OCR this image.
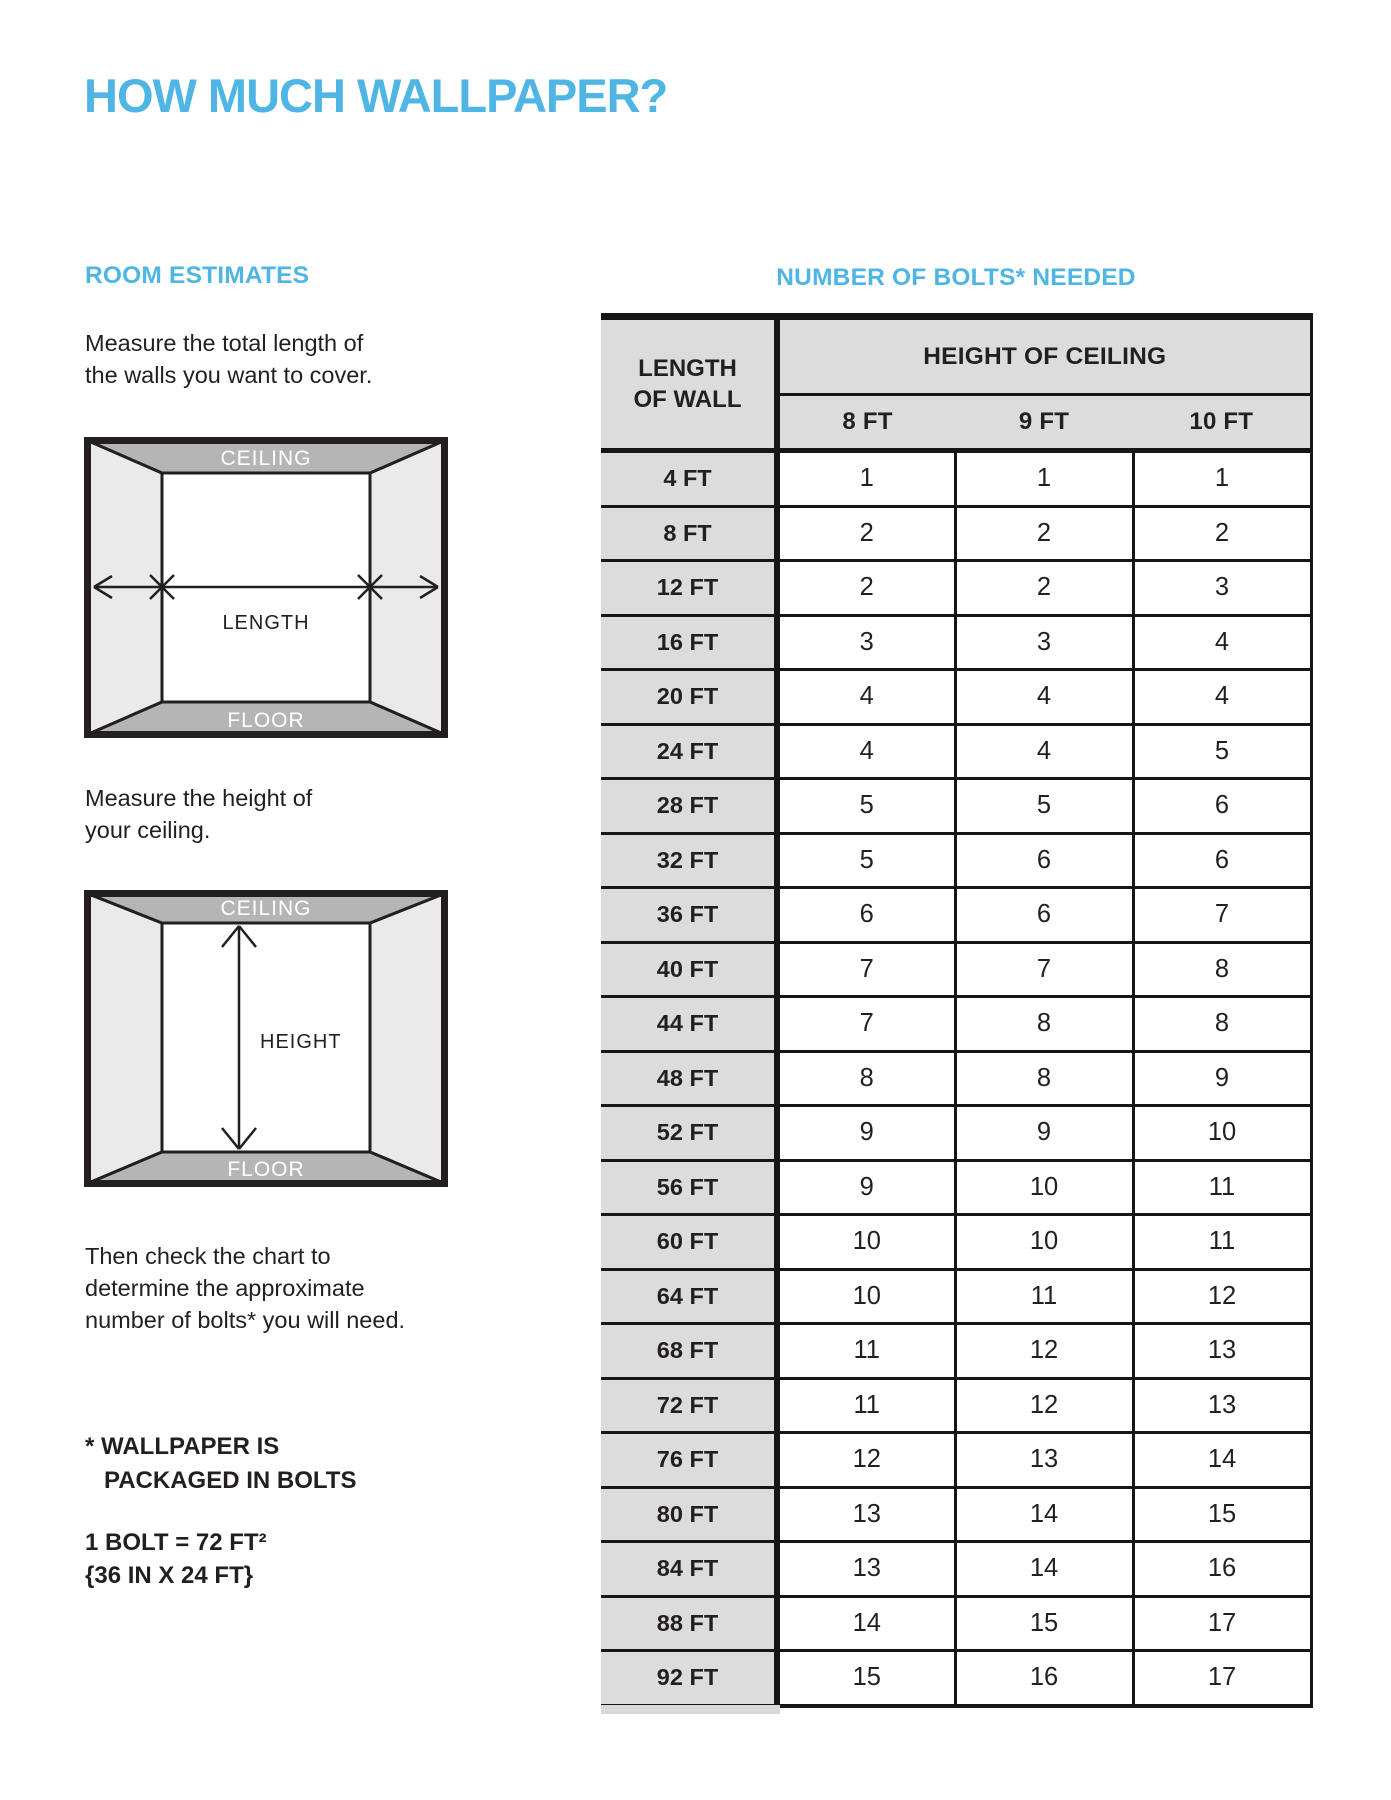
HOW MUCH WALLPAPER?
ROOM ESTIMATES
Measure the total length of
the walls you want to cover.
CEILING
FLOOR
LENGTH
Measure the height of
your ceiling.
CEILING
FLOOR
HEIGHT
Then check the chart to
determine the approximate
number of bolts* you will need.
* WALLPAPER IS
PACKAGED IN BOLTS
1 BOLT = 72 FT²
{36 IN X 24 FT}
NUMBER OF BOLTS* NEEDED
LENGTH
OF WALL	HEIGHT OF CEILING		
	8 FT	9 FT	10 FT
4 FT	1	1	1
8 FT	2	2	2
12 FT	2	2	3
16 FT	3	3	4
20 FT	4	4	4
24 FT	4	4	5
28 FT	5	5	6
32 FT	5	6	6
36 FT	6	6	7
40 FT	7	7	8
44 FT	7	8	8
48 FT	8	8	9
52 FT	9	9	10
56 FT	9	10	11
60 FT	10	10	11
64 FT	10	11	12
68 FT	11	12	13
72 FT	11	12	13
76 FT	12	13	14
80 FT	13	14	15
84 FT	13	14	16
88 FT	14	15	17
92 FT	15	16	17
